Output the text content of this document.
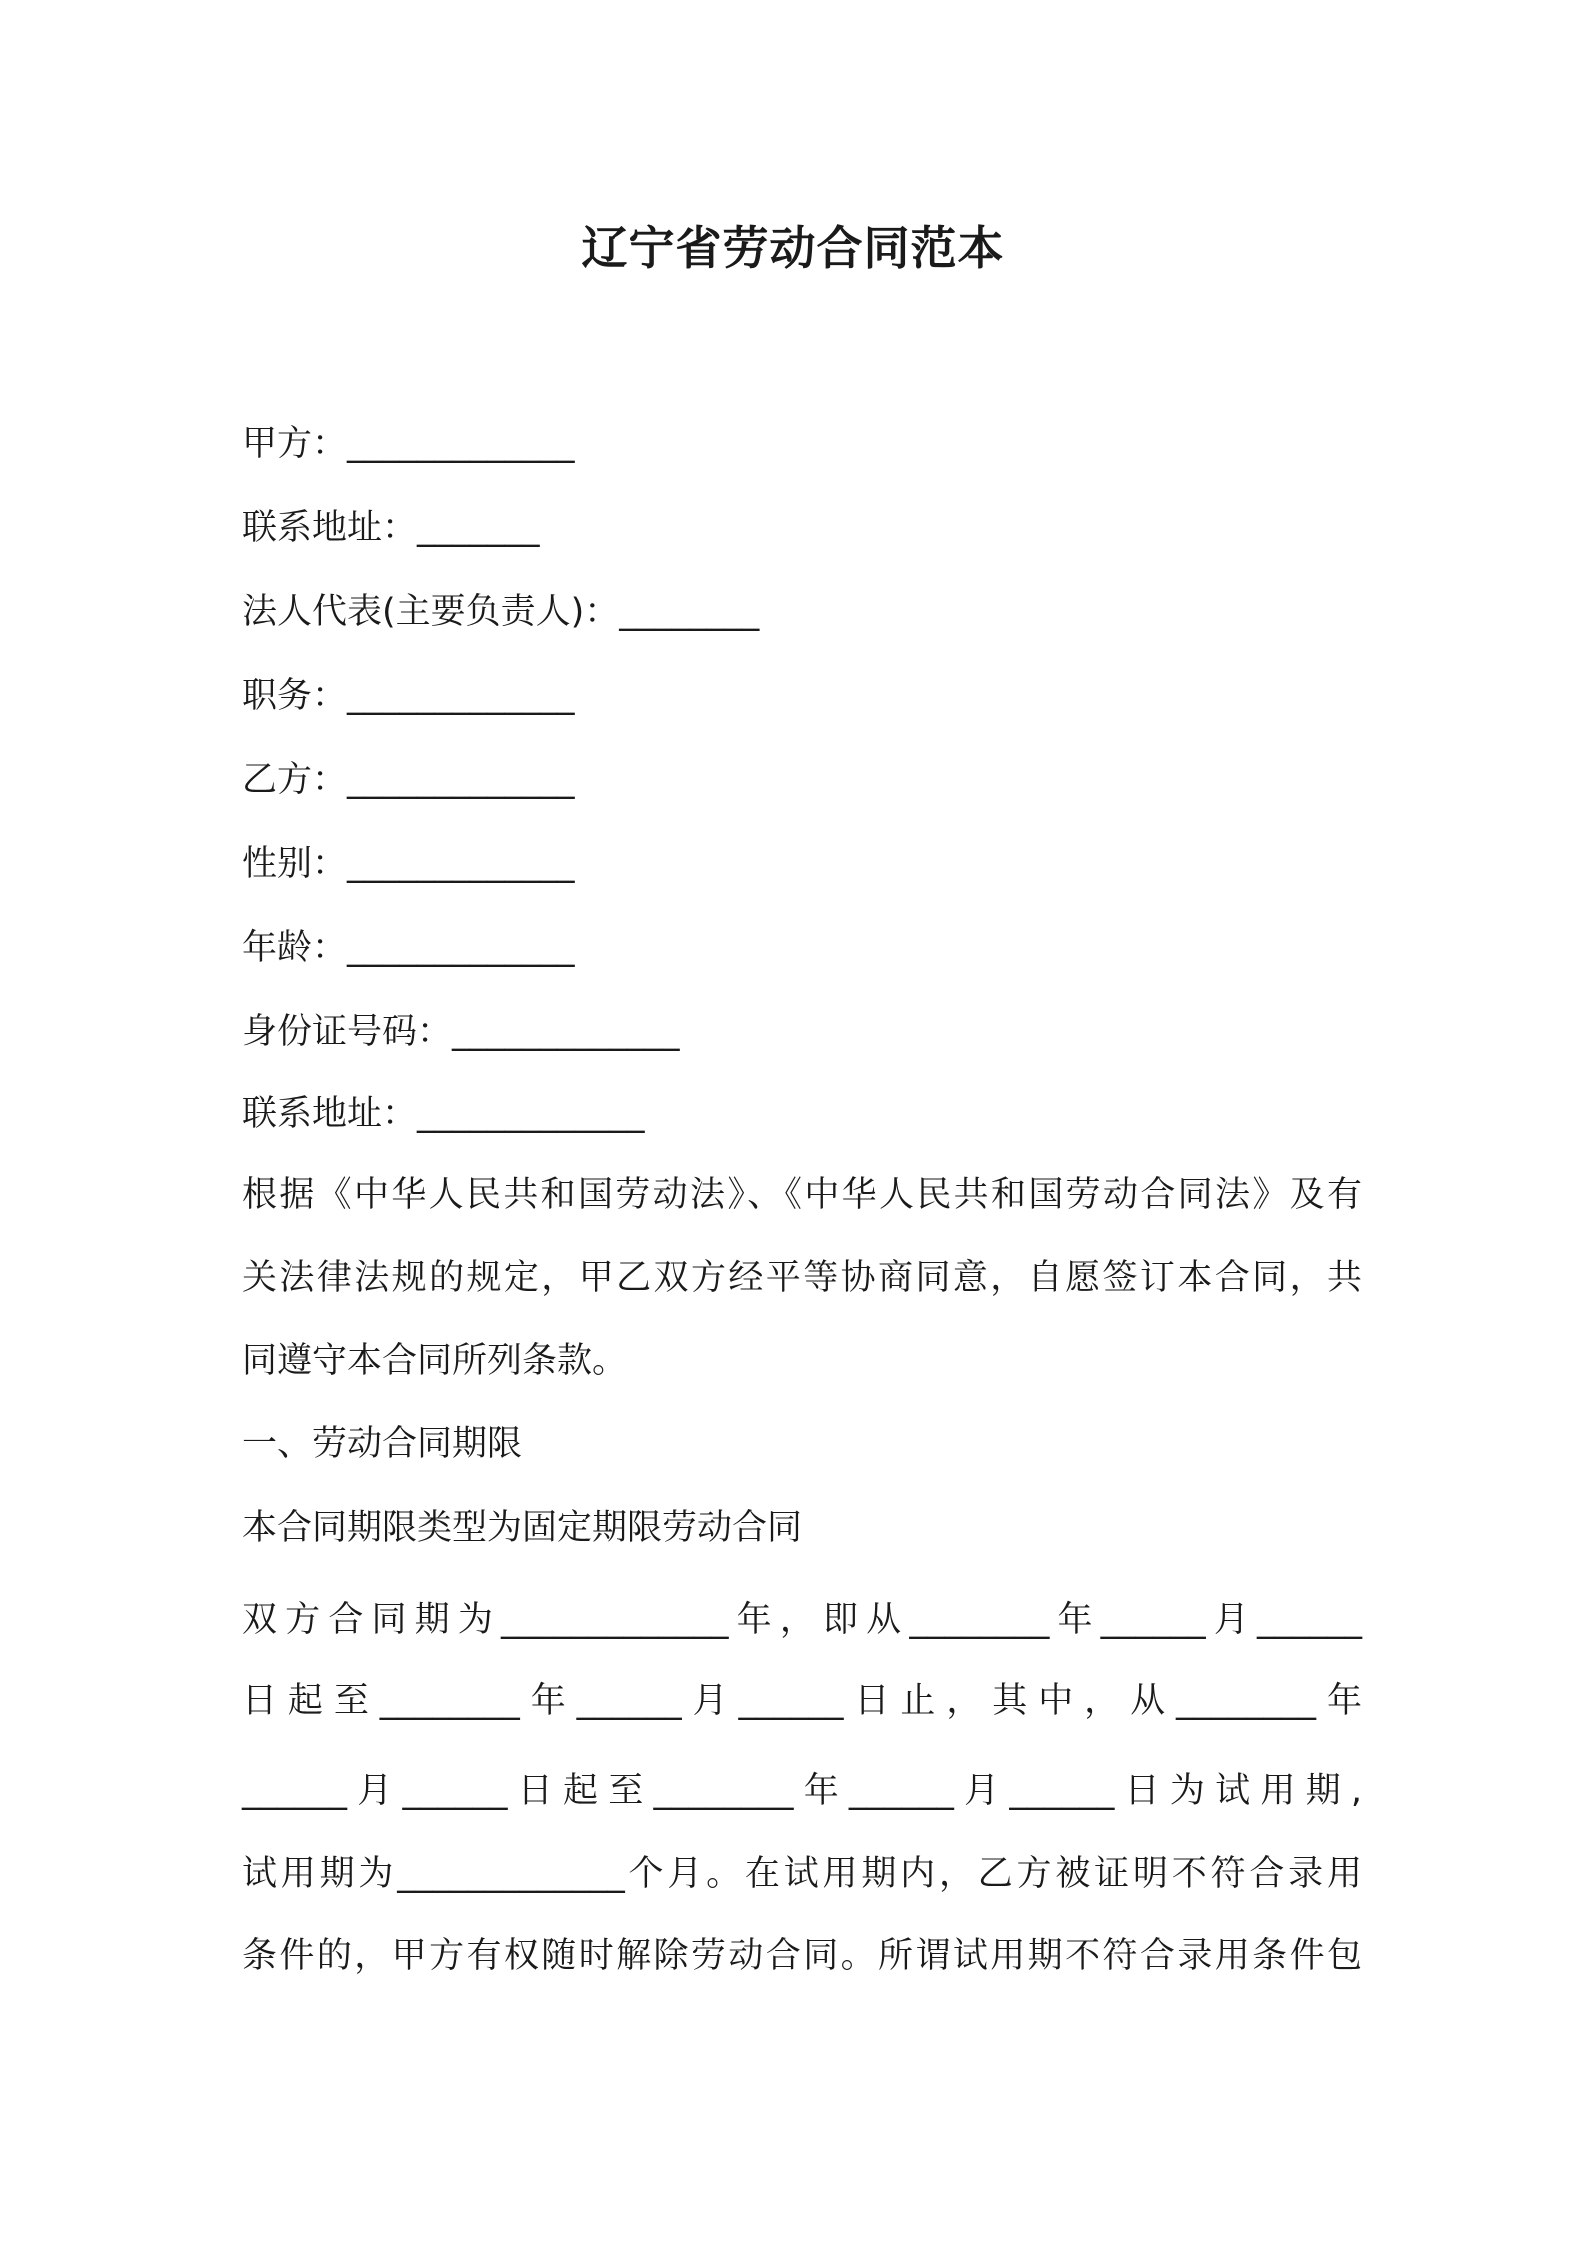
辽宁省劳动合同范本

甲方：_____________

联系地址：_______

法人代表(主要负责人)：________

职务：_____________

乙方：_____________

性别：_____________

年龄：_____________

身份证号码：_____________

联系地址：_____________

根据《中华人民共和国劳动法》、《中华人民共和国劳动合同法》及有

关法律法规的规定，甲乙双方经平等协商同意，自愿签订本合同，共

同遵守本合同所列条款。

一、劳动合同期限

本合同期限类型为固定期限劳动合同

双方合同期为_____________年，即从________年______月______

日起至________年______月______日止，其中，从________年

______月______日起至________年______月______日为试用期,

试用期为_____________个月。在试用期内，乙方被证明不符合录用

条件的，甲方有权随时解除劳动合同。所谓试用期不符合录用条件包
